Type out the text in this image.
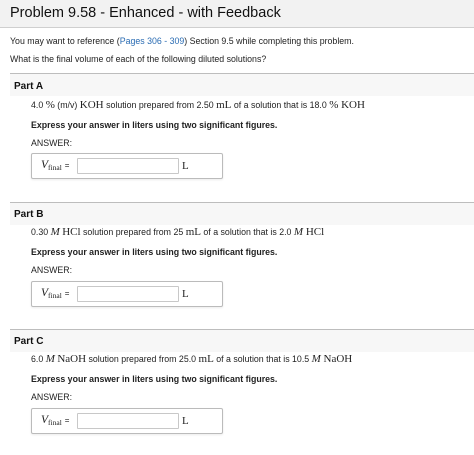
Problem 9.58 - Enhanced - with Feedback
You may want to reference (Pages 306 - 309) Section 9.5 while completing this problem.
What is the final volume of each of the following diluted solutions?
Part A
4.0 % (m/v) KOH solution prepared from 2.50 mL of a solution that is 18.0 % KOH
Express your answer in liters using two significant figures.
ANSWER:
$V_{final}$ =	L
Part B
0.30 M HCl solution prepared from 25 mL of a solution that is 2.0 M HCl
Express your answer in liters using two significant figures.
ANSWER:
$V_{final}$ =	L
Part C
6.0 M NaOH solution prepared from 25.0 mL of a solution that is 10.5 M NaOH
Express your answer in liters using two significant figures.
ANSWER:
$V_{final}$ =	L
